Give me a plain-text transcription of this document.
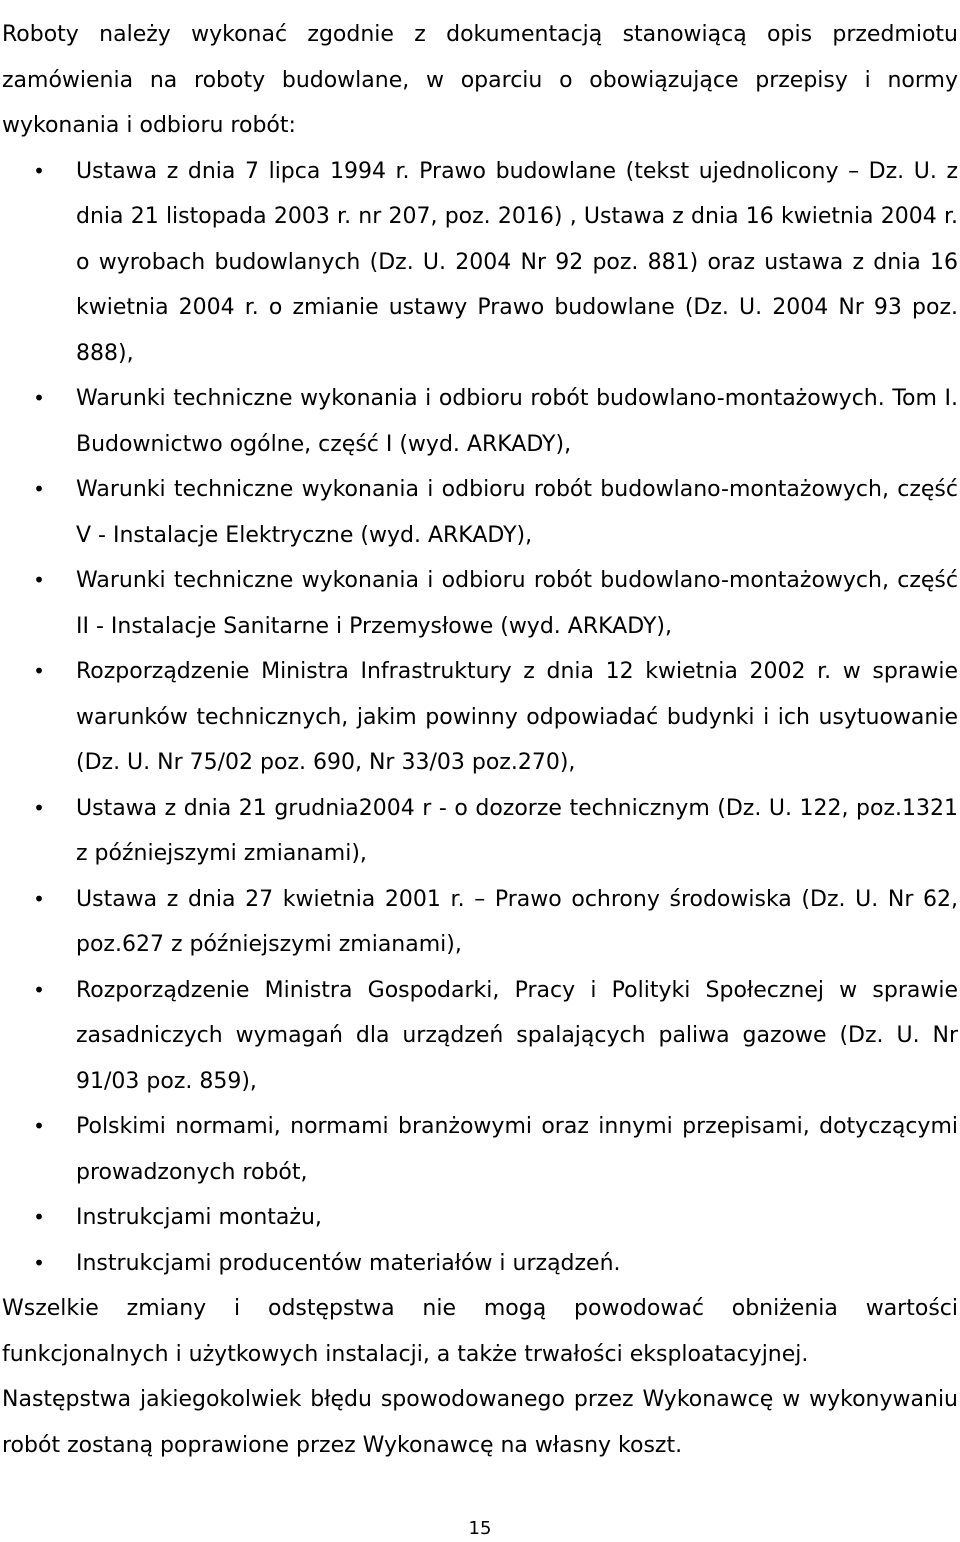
Roboty należy wykonać zgodnie z dokumentacją stanowiącą opis przedmiotu zamówienia na roboty budowlane, w oparciu o obowiązujące przepisy i normy wykonania i odbioru robót:

• Ustawa z dnia 7 lipca 1994 r. Prawo budowlane (tekst ujednolicony – Dz. U. z dnia 21 listopada 2003 r. nr 207, poz. 2016) , Ustawa z dnia 16 kwietnia 2004 r. o wyrobach budowlanych (Dz. U. 2004 Nr 92 poz. 881) oraz ustawa z dnia 16 kwietnia 2004 r. o zmianie ustawy Prawo budowlane (Dz. U. 2004 Nr 93 poz. 888),
• Warunki techniczne wykonania i odbioru robót budowlano-montażowych. Tom I. Budownictwo ogólne, część I (wyd. ARKADY),
• Warunki techniczne wykonania i odbioru robót budowlano-montażowych, część V - Instalacje Elektryczne (wyd. ARKADY),
• Warunki techniczne wykonania i odbioru robót budowlano-montażowych, część II - Instalacje Sanitarne i Przemysłowe (wyd. ARKADY),
• Rozporządzenie Ministra Infrastruktury z dnia 12 kwietnia 2002 r. w sprawie warunków technicznych, jakim powinny odpowiadać budynki i ich usytuowanie (Dz. U. Nr 75/02 poz. 690, Nr 33/03 poz.270),
• Ustawa z dnia 21 grudnia2004 r - o dozorze technicznym (Dz. U. 122, poz.1321 z późniejszymi zmianami),
• Ustawa z dnia 27 kwietnia 2001 r. – Prawo ochrony środowiska (Dz. U. Nr 62, poz.627 z późniejszymi zmianami),
• Rozporządzenie Ministra Gospodarki, Pracy i Polityki Społecznej w sprawie zasadniczych wymagań dla urządzeń spalających paliwa gazowe (Dz. U. Nr 91/03 poz. 859),
• Polskimi normami, normami branżowymi oraz innymi przepisami, dotyczącymi prowadzonych robót,
• Instrukcjami montażu,
• Instrukcjami producentów materiałów i urządzeń.

Wszelkie zmiany i odstępstwa nie mogą powodować obniżenia wartości funkcjonalnych i użytkowych instalacji, a także trwałości eksploatacyjnej.

Następstwa jakiegokolwiek błędu spowodowanego przez Wykonawcę w wykonywaniu robót zostaną poprawione przez Wykonawcę na własny koszt.

15
